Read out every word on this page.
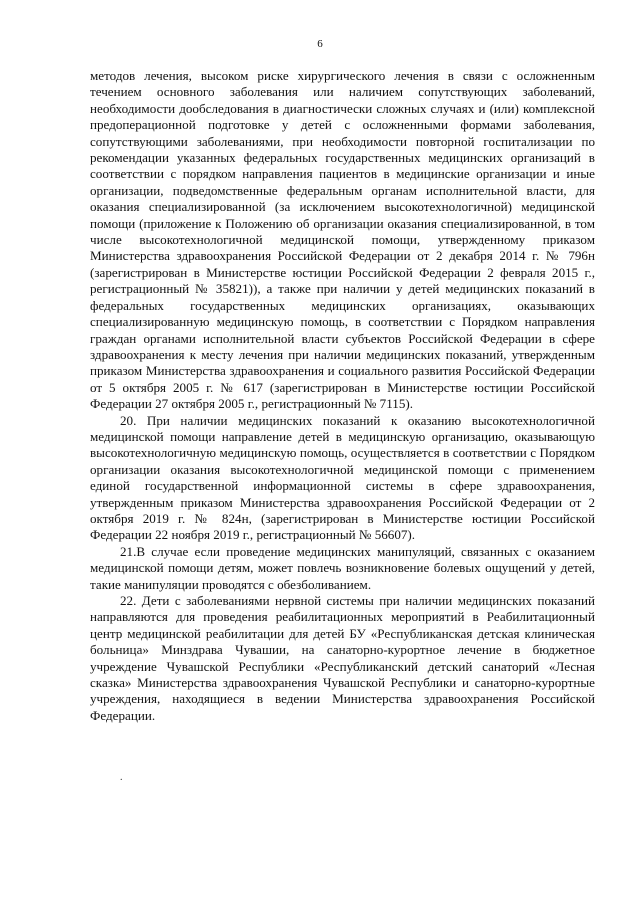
6

методов лечения, высоком риске хирургического лечения в связи с осложненным течением основного заболевания или наличием сопутствующих заболеваний, необходимости дообследования в диагностически сложных случаях и (или) комплексной предоперационной подготовке у детей с осложненными формами заболевания, сопутствующими заболеваниями, при необходимости повторной госпитализации по рекомендации указанных федеральных государственных медицинских организаций в соответствии с порядком направления пациентов в медицинские организации и иные организации, подведомственные федеральным органам исполнительной власти, для оказания специализированной (за исключением высокотехнологичной) медицинской помощи (приложение к Положению об организации оказания специализированной, в том числе высокотехнологичной медицинской помощи, утвержденному приказом Министерства здравоохранения Российской Федерации от 2 декабря 2014 г. № 796н (зарегистрирован в Министерстве юстиции Российской Федерации 2 февраля 2015 г., регистрационный № 35821)), а также при наличии у детей медицинских показаний в федеральных государственных медицинских организациях, оказывающих специализированную медицинскую помощь, в соответствии с Порядком направления граждан органами исполнительной власти субъектов Российской Федерации в сфере здравоохранения к месту лечения при наличии медицинских показаний, утвержденным приказом Министерства здравоохранения и социального развития Российской Федерации от 5 октября 2005 г. № 617 (зарегистрирован в Министерстве юстиции Российской Федерации 27 октября 2005 г., регистрационный № 7115).

20. При наличии медицинских показаний к оказанию высокотехнологичной медицинской помощи направление детей в медицинскую организацию, оказывающую высокотехнологичную медицинскую помощь, осуществляется в соответствии с Порядком организации оказания высокотехнологичной медицинской помощи с применением единой государственной информационной системы в сфере здравоохранения, утвержденным приказом Министерства здравоохранения Российской Федерации от 2 октября 2019 г. № 824н, (зарегистрирован в Министерстве юстиции Российской Федерации 22 ноября 2019 г., регистрационный № 56607).

21.В случае если проведение медицинских манипуляций, связанных с оказанием медицинской помощи детям, может повлечь возникновение болевых ощущений у детей, такие манипуляции проводятся с обезболиванием.

22. Дети с заболеваниями нервной системы при наличии медицинских показаний направляются для проведения реабилитационных мероприятий в Реабилитационный центр медицинской реабилитации для детей БУ «Республиканская детская клиническая больница» Минздрава Чувашии, на санаторно-курортное лечение в бюджетное учреждение Чувашской Республики «Республиканский детский санаторий «Лесная сказка» Министерства здравоохранения Чувашской Республики и санаторно-курортные учреждения, находящиеся в ведении Министерства здравоохранения Российской Федерации.

.
